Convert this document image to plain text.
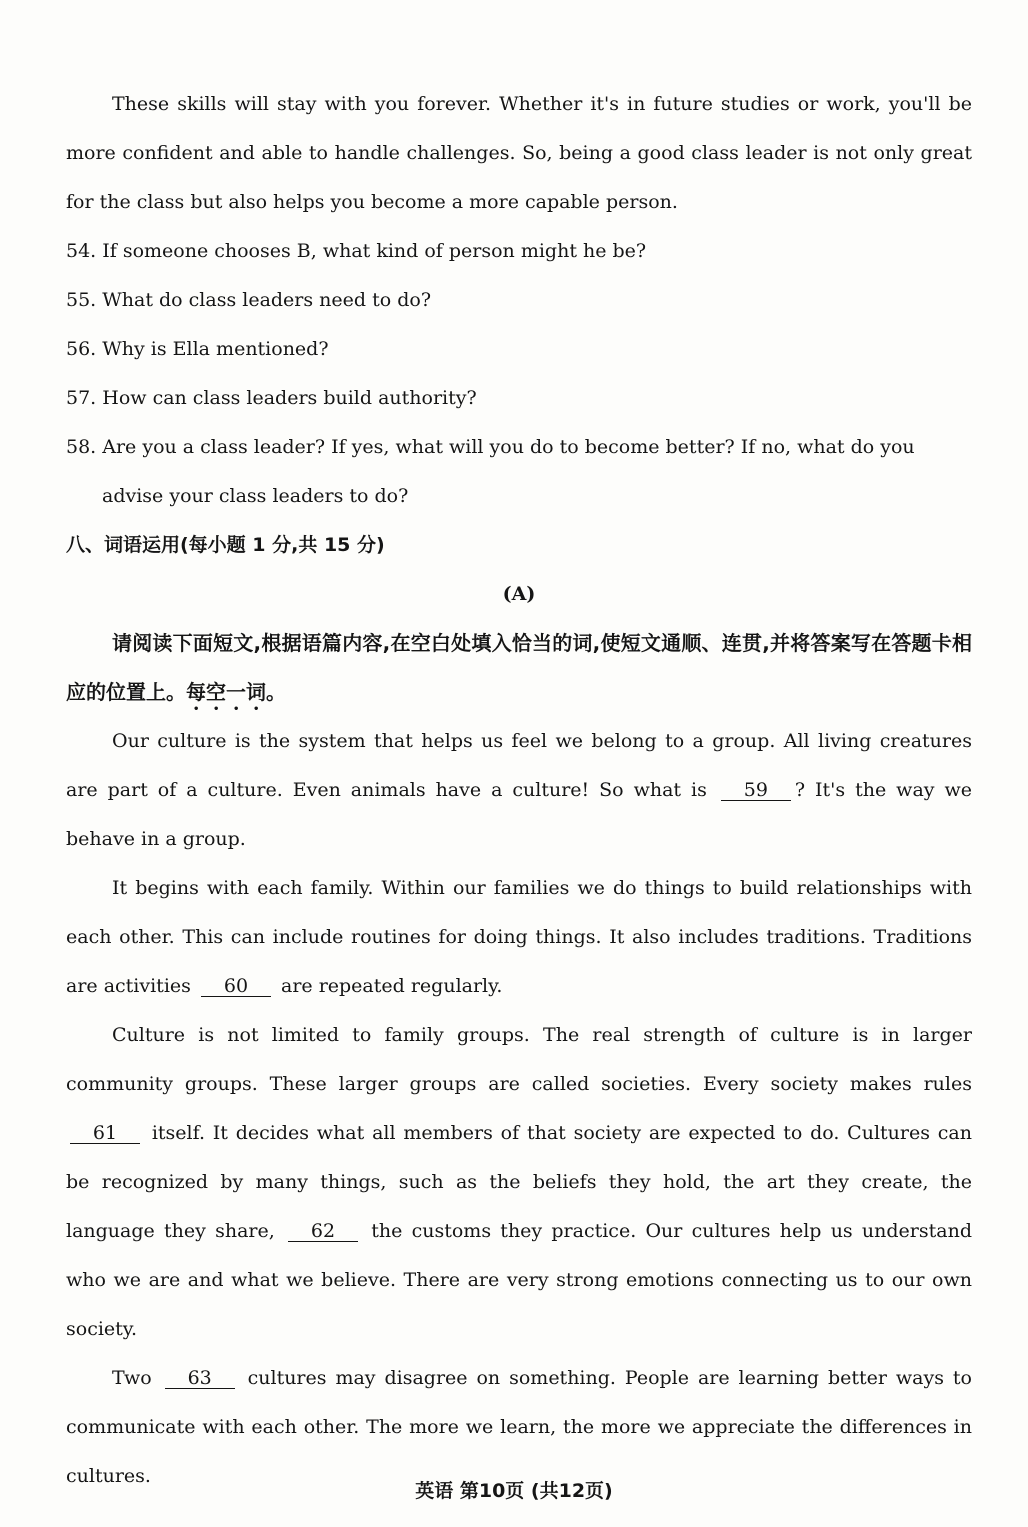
These skills will stay with you forever. Whether it's in future studies or work, you'll be more confident and able to handle challenges. So, being a good class leader is not only great for the class but also helps you become a more capable person.

54. If someone chooses B, what kind of person might he be?

55. What do class leaders need to do?

56. Why is Ella mentioned?

57. How can class leaders build authority?

58. Are you a class leader? If yes, what will you do to become better? If no, what do you

advise your class leaders to do?

八、词语运用(每小题 1 分,共 15 分)

(A)

请阅读下面短文,根据语篇内容,在空白处填入恰当的词,使短文通顺、连贯,并将答案写在答题卡相应的位置上。每空一词。

Our culture is the system that helps us feel we belong to a group. All living creatures are part of a culture. Even animals have a culture! So what is 59 ? It's the way we behave in a group.

It begins with each family. Within our families we do things to build relationships with each other. This can include routines for doing things. It also includes traditions. Traditions are activities 60 are repeated regularly.

Culture is not limited to family groups. The real strength of culture is in larger community groups. These larger groups are called societies. Every society makes rules 61 itself. It decides what all members of that society are expected to do. Cultures can be recognized by many things, such as the beliefs they hold, the art they create, the language they share, 62 the customs they practice. Our cultures help us understand who we are and what we believe. There are very strong emotions connecting us to our own society.

Two 63 cultures may disagree on something. People are learning better ways to communicate with each other. The more we learn, the more we appreciate the differences in cultures.

英语 第10页 (共12页)
